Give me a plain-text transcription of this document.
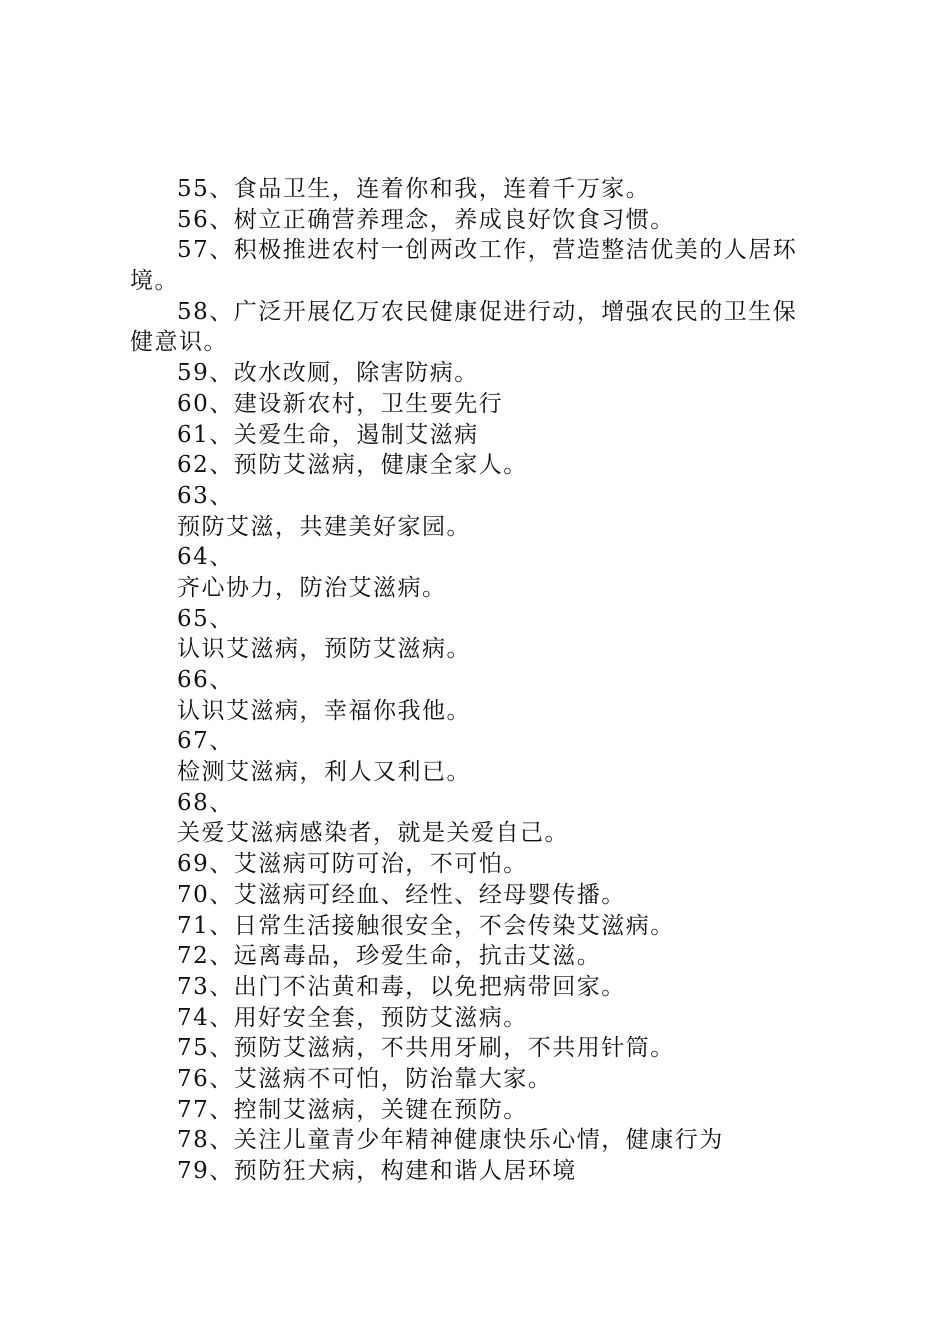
55、食品卫生，连着你和我，连着千万家。
56、树立正确营养理念，养成良好饮食习惯。
57、积极推进农村一创两改工作，营造整洁优美的人居环
境。
58、广泛开展亿万农民健康促进行动，增强农民的卫生保
健意识。
59、改水改厕，除害防病。
60、建设新农村，卫生要先行
61、关爱生命，遏制艾滋病
62、预防艾滋病，健康全家人。
63、
预防艾滋，共建美好家园。
64、
齐心协力，防治艾滋病。
65、
认识艾滋病，预防艾滋病。
66、
认识艾滋病，幸福你我他。
67、
检测艾滋病，利人又利已。
68、
关爱艾滋病感染者，就是关爱自己。
69、艾滋病可防可治，不可怕。
70、艾滋病可经血、经性、经母婴传播。
71、日常生活接触很安全，不会传染艾滋病。
72、远离毒品，珍爱生命，抗击艾滋。
73、出门不沾黄和毒，以免把病带回家。
74、用好安全套，预防艾滋病。
75、预防艾滋病，不共用牙刷，不共用针筒。
76、艾滋病不可怕，防治靠大家。
77、控制艾滋病，关键在预防。
78、关注儿童青少年精神健康快乐心情，健康行为
79、预防狂犬病，构建和谐人居环境
